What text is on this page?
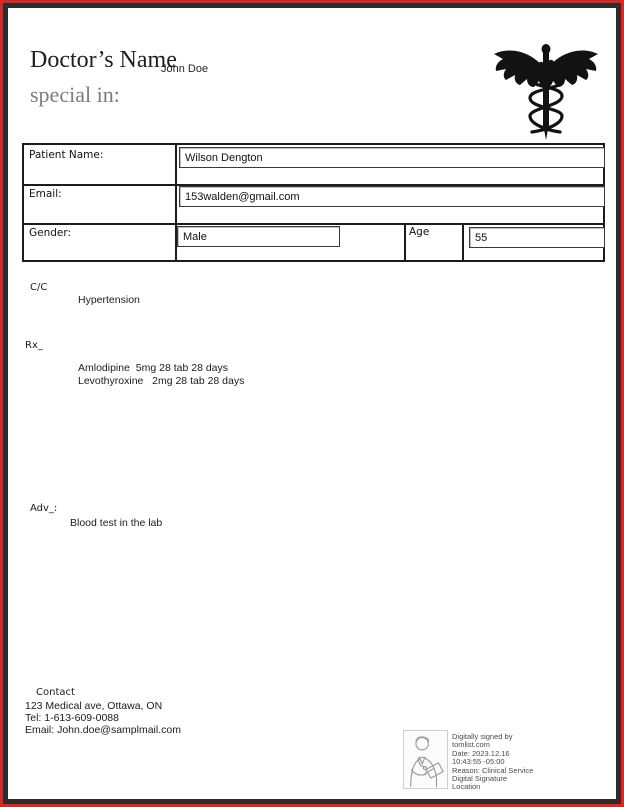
Doctor’s Name
John Doe
special in:
Patient Name:
Email:
Gender:	Age
Wilson Dengton
153walden@gmail.com
Male
55
C/C
Hypertension
Rx_
Amlodipine  5mg 28 tab 28 days
Levothyroxine   2mg 28 tab 28 days
Adv_:
Blood test in the lab
Contact
123 Medical ave, Ottawa, ON
Tel: 1-613-609-0088
Email: John.doe@samplmail.com
Digitally signed by
tomlist.com
Date: 2023.12.16
10:43:55 -05:00
Reason: Clinical Service
Digital Signature
Location
